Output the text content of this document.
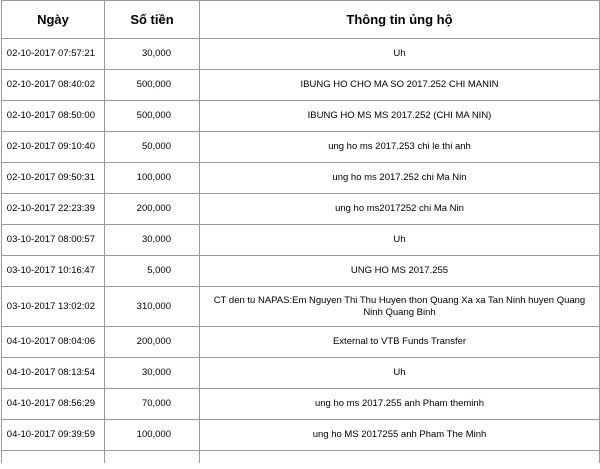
Ngày	Số tiền	Thông tin ủng hộ
02-10-2017 07:57:21	30,000	Uh
02-10-2017 08:40:02	500,000	IBUNG HO CHO MA SO 2017.252 CHI MANIN
02-10-2017 08:50:00	500,000	IBUNG HO MS MS 2017.252 (CHI MA NIN)
02-10-2017 09:10:40	50,000	ung ho ms 2017.253 chi le thi anh
02-10-2017 09:50:31	100,000	ung ho ms 2017.252 chi Ma Nin
02-10-2017 22:23:39	200,000	ung ho ms2017252 chi Ma Nin
03-10-2017 08:00:57	30,000	Uh
03-10-2017 10:16:47	5,000	UNG HO MS 2017.255
03-10-2017 13:02:02	310,000	CT den tu NAPAS:Em Nguyen Thi Thu Huyen thon Quang Xa xa Tan Ninh huyen Quang Ninh Quang Binh
04-10-2017 08:04:06	200,000	External to VTB Funds Transfer
04-10-2017 08:13:54	30,000	Uh
04-10-2017 08:56:29	70,000	ung ho ms 2017.255 anh Pham theminh
04-10-2017 09:39:59	100,000	ung ho MS 2017255 anh Pham The Minh
